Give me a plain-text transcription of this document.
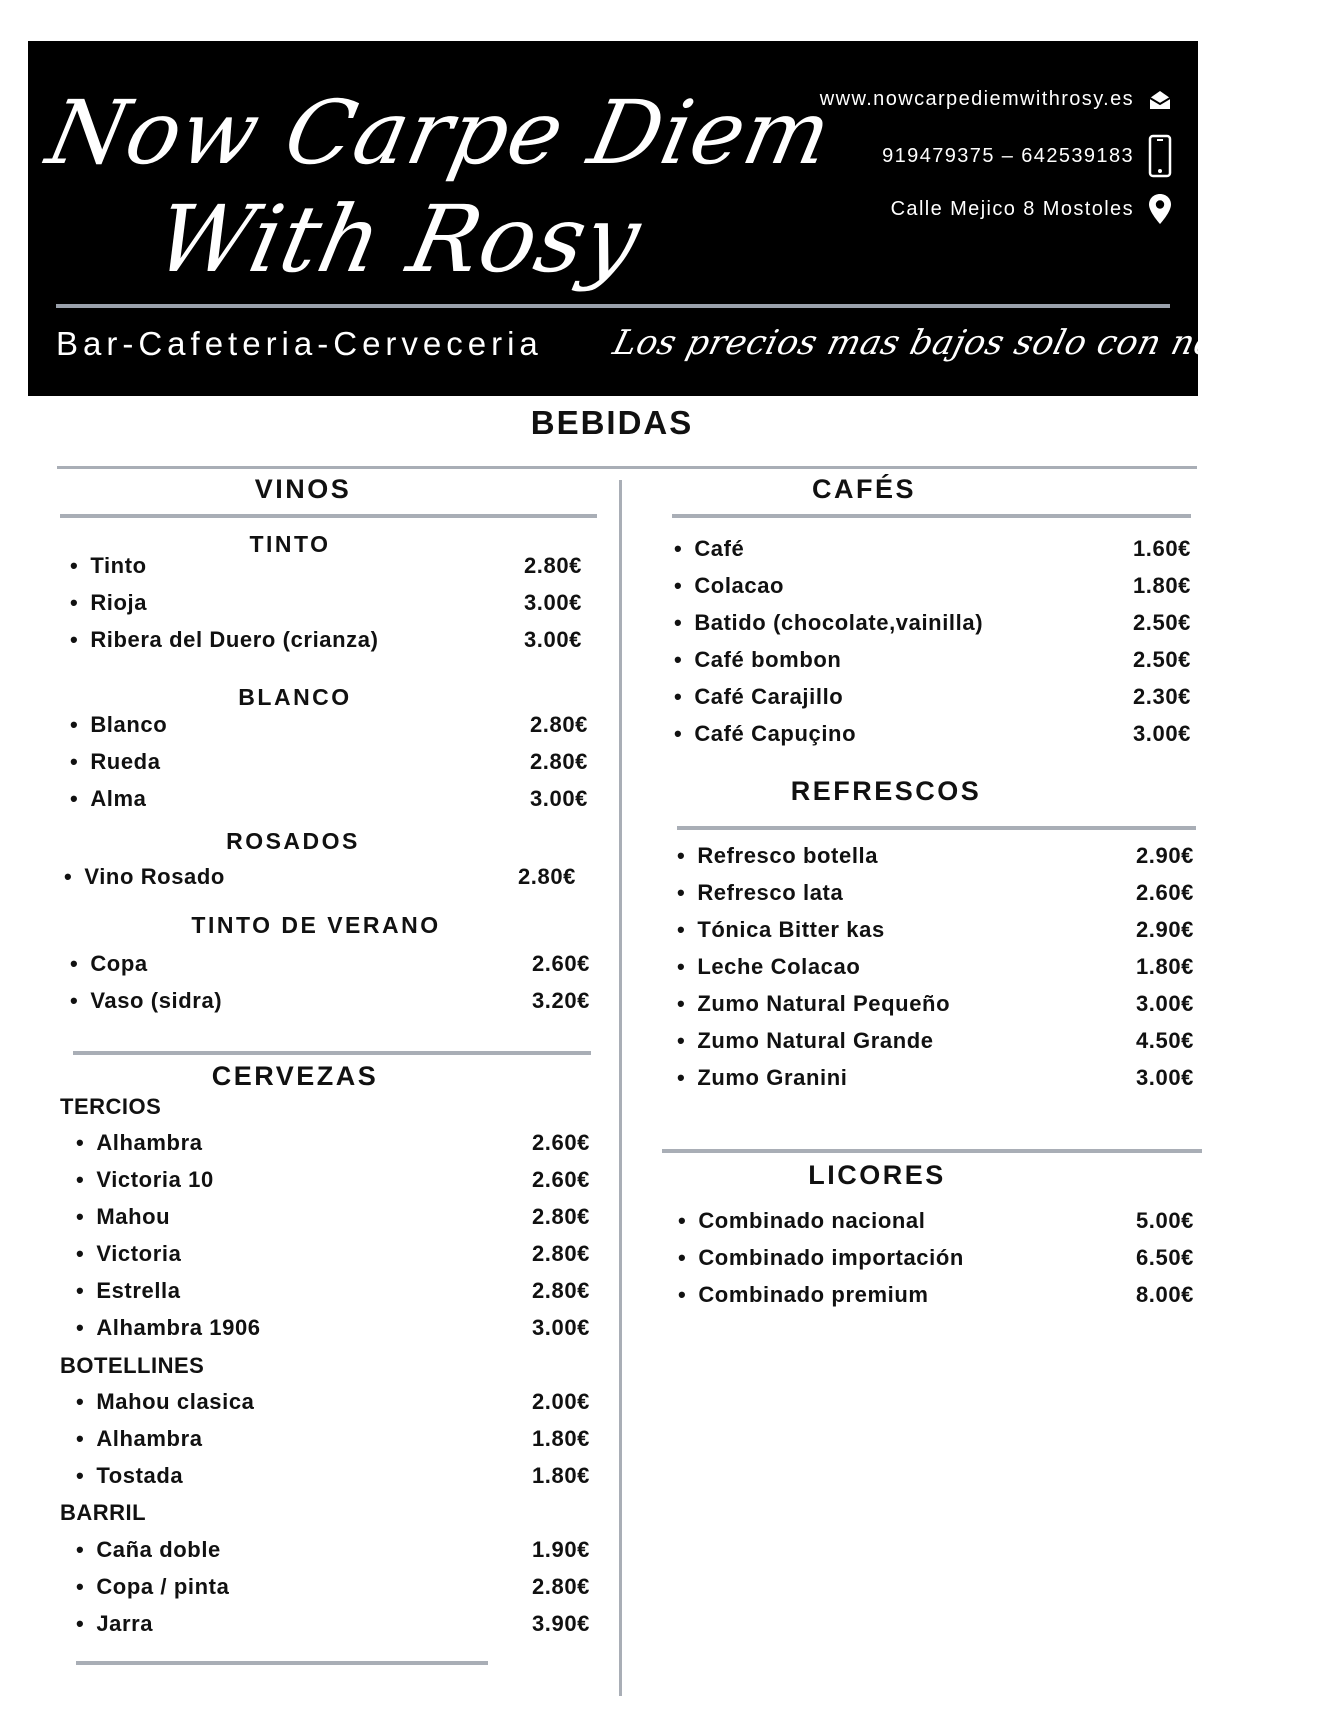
Now Carpe Diem
With Rosy
www.nowcarpediemwithrosy.es
919479375 – 642539183
Calle Mejico 8 Mostoles
Bar-Cafeteria-Cerveceria Los precios mas bajos solo con nosotros
BEBIDAS
VINOS
TINTO
• Tinto	2.80€
• Rioja	3.00€
• Ribera del Duero (crianza)	3.00€
BLANCO
• Blanco	2.80€
• Rueda	2.80€
• Alma	3.00€
ROSADOS
• Vino Rosado	2.80€
TINTO DE VERANO
• Copa	2.60€
• Vaso (sidra)	3.20€
CERVEZAS
TERCIOS
• Alhambra	2.60€
• Victoria 10	2.60€
• Mahou	2.80€
• Victoria	2.80€
• Estrella	2.80€
• Alhambra 1906	3.00€
BOTELLINES
• Mahou clasica	2.00€
• Alhambra	1.80€
• Tostada	1.80€
BARRIL
• Caña doble	1.90€
• Copa / pinta	2.80€
• Jarra	3.90€
CAFÉS
• Café	1.60€
• Colacao	1.80€
• Batido (chocolate,vainilla)	2.50€
• Café bombon	2.50€
• Café Carajillo	2.30€
• Café Capuçino	3.00€
REFRESCOS
• Refresco botella	2.90€
• Refresco lata	2.60€
• Tónica Bitter kas	2.90€
• Leche Colacao	1.80€
• Zumo Natural Pequeño	3.00€
• Zumo Natural Grande	4.50€
• Zumo Granini	3.00€
LICORES
• Combinado nacional	5.00€
• Combinado importación	6.50€
• Combinado premium	8.00€
